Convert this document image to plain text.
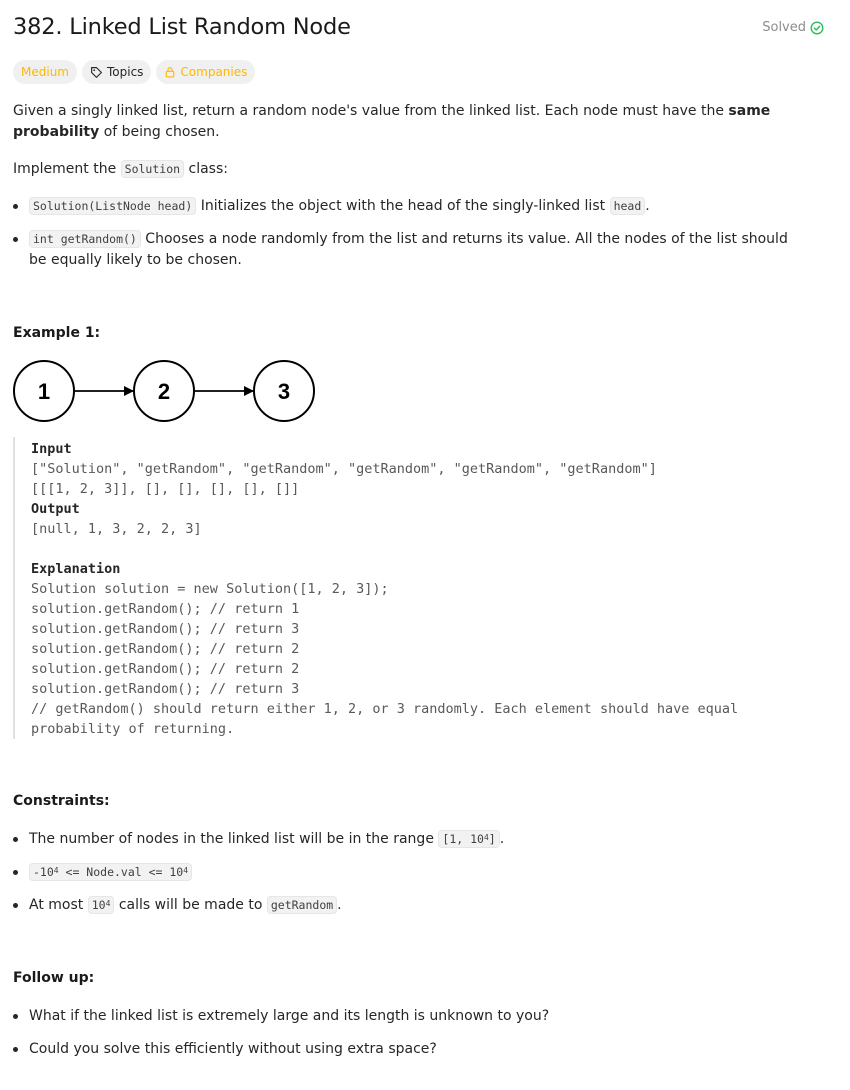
382. Linked List Random Node	Solved
Medium	Topics	Companies
Given a singly linked list, return a random node's value from the linked list. Each node must have the same probability of being chosen.
Implement the Solution class:
Solution(ListNode head) Initializes the object with the head of the singly-linked list head .
int getRandom() Chooses a node randomly from the list and returns its value. All the nodes of the list should be equally likely to be chosen.
Example 1:
1	2	3
Input
["Solution", "getRandom", "getRandom", "getRandom", "getRandom", "getRandom"]
[[[1, 2, 3]], [], [], [], [], []]
Output
[null, 1, 3, 2, 2, 3]

Explanation
Solution solution = new Solution([1, 2, 3]);
solution.getRandom(); // return 1
solution.getRandom(); // return 3
solution.getRandom(); // return 2
solution.getRandom(); // return 2
solution.getRandom(); // return 3
// getRandom() should return either 1, 2, or 3 randomly. Each element should have equal
probability of returning.
Constraints:
The number of nodes in the linked list will be in the range [1, $10^4$] .
$-10^4$ <= Node.val <= $10^4$
At most $10^4$ calls will be made to getRandom .
Follow up:
What if the linked list is extremely large and its length is unknown to you?
Could you solve this efficiently without using extra space?
